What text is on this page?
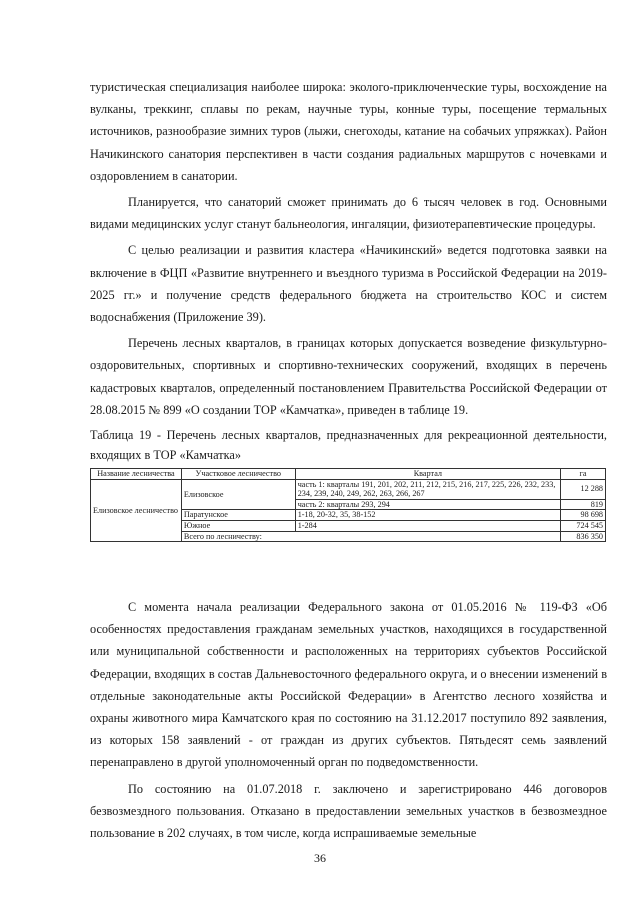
туристическая специализация наиболее широка: эколого-приключенческие туры, восхождение на вулканы, треккинг, сплавы по рекам, научные туры, конные туры, посещение термальных источников, разнообразие зимних туров (лыжи, снегоходы, катание на собачьих упряжках). Район Начикинского санатория перспективен в части создания радиальных маршрутов с ночевками и оздоровлением в санатории.

Планируется, что санаторий сможет принимать до 6 тысяч человек в год. Основными видами медицинских услуг станут бальнеология, ингаляции, физиотерапевтические процедуры.

С целью реализации и развития кластера «Начикинский» ведется подготовка заявки на включение в ФЦП «Развитие внутреннего и въездного туризма в Российской Федерации на 2019-2025 гг.» и получение средств федерального бюджета на строительство КОС и систем водоснабжения (Приложение 39).

Перечень лесных кварталов, в границах которых допускается возведение физкультурно-оздоровительных, спортивных и спортивно-технических сооружений, входящих в перечень кадастровых кварталов, определенный постановлением Правительства Российской Федерации от 28.08.2015 № 899 «О создании ТОР «Камчатка», приведен в таблице 19.

Таблица 19 - Перечень лесных кварталов, предназначенных для рекреационной деятельности, входящих в ТОР «Камчатка»

Название лесничества	Участковое лесничество	Квартал	га
Елизовское лесничество	Елизовское	часть 1: кварталы 191, 201, 202, 211, 212, 215, 216, 217, 225, 226, 232, 233, 234, 239, 240, 249, 262, 263, 266, 267	12 288
		часть 2: кварталы 293, 294	819
	Паратунское	1-18, 20-32, 35, 38-152	98 698
	Южное	1-284	724 545
	Всего по лесничеству:		836 350

С момента начала реализации Федерального закона от 01.05.2016 № 119-ФЗ «Об особенностях предоставления гражданам земельных участков, находящихся в государственной или муниципальной собственности и расположенных на территориях субъектов Российской Федерации, входящих в состав Дальневосточного федерального округа, и о внесении изменений в отдельные законодательные акты Российской Федерации» в Агентство лесного хозяйства и охраны животного мира Камчатского края по состоянию на 31.12.2017 поступило 892 заявления, из которых 158 заявлений - от граждан из других субъектов. Пятьдесят семь заявлений перенаправлено в другой уполномоченный орган по подведомственности.

По состоянию на 01.07.2018 г. заключено и зарегистрировано 446 договоров безвозмездного пользования. Отказано в предоставлении земельных участков в безвозмездное пользование в 202 случаях, в том числе, когда испрашиваемые земельные

36
